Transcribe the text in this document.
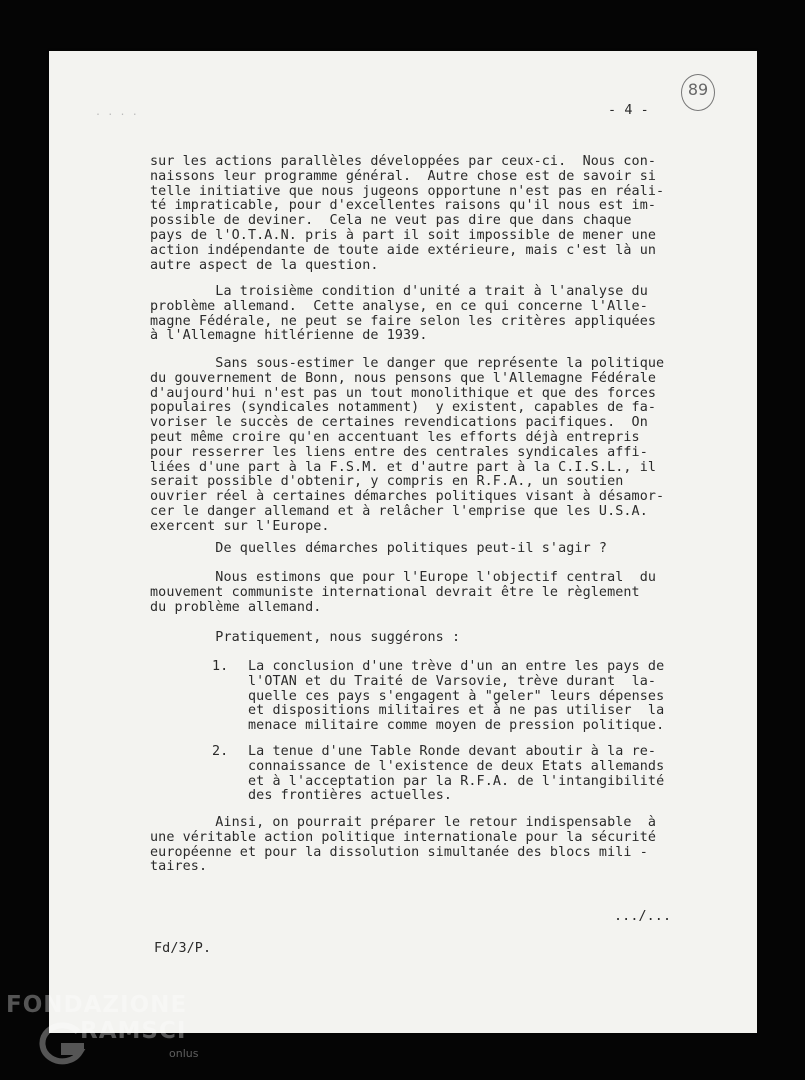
. . . .	- 4 -
89
sur les actions parallèles développées par ceux-ci.  Nous con-
naissons leur programme général.  Autre chose est de savoir si
telle initiative que nous jugeons opportune n'est pas en réali-
té impraticable, pour d'excellentes raisons qu'il nous est im-
possible de deviner.  Cela ne veut pas dire que dans chaque
pays de l'O.T.A.N. pris à part il soit impossible de mener une
action indépendante de toute aide extérieure, mais c'est là un
autre aspect de la question.
La troisième condition d'unité a trait à l'analyse du
problème allemand.  Cette analyse, en ce qui concerne l'Alle-
magne Fédérale, ne peut se faire selon les critères appliquées
à l'Allemagne hitlérienne de 1939.
Sans sous-estimer le danger que représente la politique
du gouvernement de Bonn, nous pensons que l'Allemagne Fédérale
d'aujourd'hui n'est pas un tout monolithique et que des forces
populaires (syndicales notamment)  y existent, capables de fa-
voriser le succès de certaines revendications pacifiques.  On
peut même croire qu'en accentuant les efforts déjà entrepris
pour resserrer les liens entre des centrales syndicales affi-
liées d'une part à la F.S.M. et d'autre part à la C.I.S.L., il
serait possible d'obtenir, y compris en R.F.A., un soutien
ouvrier réel à certaines démarches politiques visant à désamor-
cer le danger allemand et à relâcher l'emprise que les U.S.A.
exercent sur l'Europe.
De quelles démarches politiques peut-il s'agir ?
Nous estimons que pour l'Europe l'objectif central  du
mouvement communiste international devrait être le règlement
du problème allemand.
Pratiquement, nous suggérons :
1. La conclusion d'une trève d'un an entre les pays de
l'OTAN et du Traité de Varsovie, trève durant  la-
quelle ces pays s'engagent à "geler" leurs dépenses
et dispositions militaires et à ne pas utiliser  la
menace militaire comme moyen de pression politique.
2. La tenue d'une Table Ronde devant aboutir à la re-
connaissance de l'existence de deux Etats allemands
et à l'acceptation par la R.F.A. de l'intangibilité
des frontières actuelles.
Ainsi, on pourrait préparer le retour indispensable  à
une véritable action politique internationale pour la sécurité
européenne et pour la dissolution simultanée des blocs mili -
taires.
.../...
Fd/3/P.
FONDAZIONE
RAMSCI
onlus
